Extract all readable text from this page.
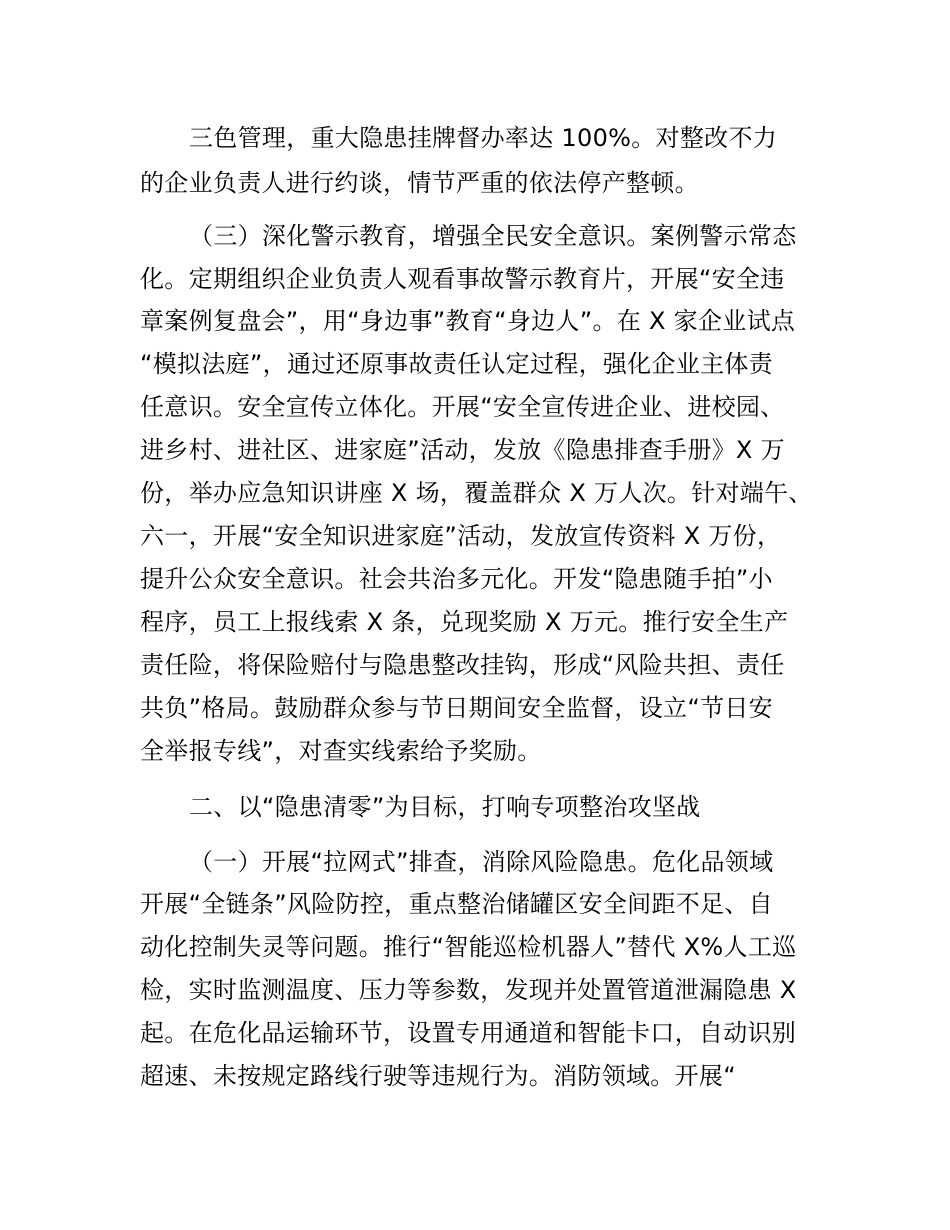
三色管理，重大隐患挂牌督办率达 100%。对整改不力

的企业负责人进行约谈，情节严重的依法停产整顿。

（三）深化警示教育，增强全民安全意识。案例警示常态

化。定期组织企业负责人观看事故警示教育片，开展“安全违

章案例复盘会”，用“身边事”教育“身边人”。在 X 家企业试点

“模拟法庭”，通过还原事故责任认定过程，强化企业主体责

任意识。安全宣传立体化。开展“安全宣传进企业、进校园、

进乡村、进社区、进家庭”活动，发放《隐患排查手册》X 万

份，举办应急知识讲座 X 场，覆盖群众 X 万人次。针对端午、

六一，开展“安全知识进家庭”活动，发放宣传资料 X 万份，

提升公众安全意识。社会共治多元化。开发“隐患随手拍”小

程序，员工上报线索 X 条，兑现奖励 X 万元。推行安全生产

责任险，将保险赔付与隐患整改挂钩，形成“风险共担、责任

共负”格局。鼓励群众参与节日期间安全监督，设立“节日安

全举报专线”，对查实线索给予奖励。

二、以“隐患清零”为目标，打响专项整治攻坚战

（一）开展“拉网式”排查，消除风险隐患。危化品领域

开展“全链条”风险防控，重点整治储罐区安全间距不足、自

动化控制失灵等问题。推行“智能巡检机器人”替代 X%人工巡

检，实时监测温度、压力等参数，发现并处置管道泄漏隐患 X

起。在危化品运输环节，设置专用通道和智能卡口，自动识别

超速、未按规定路线行驶等违规行为。消防领域。开展“
